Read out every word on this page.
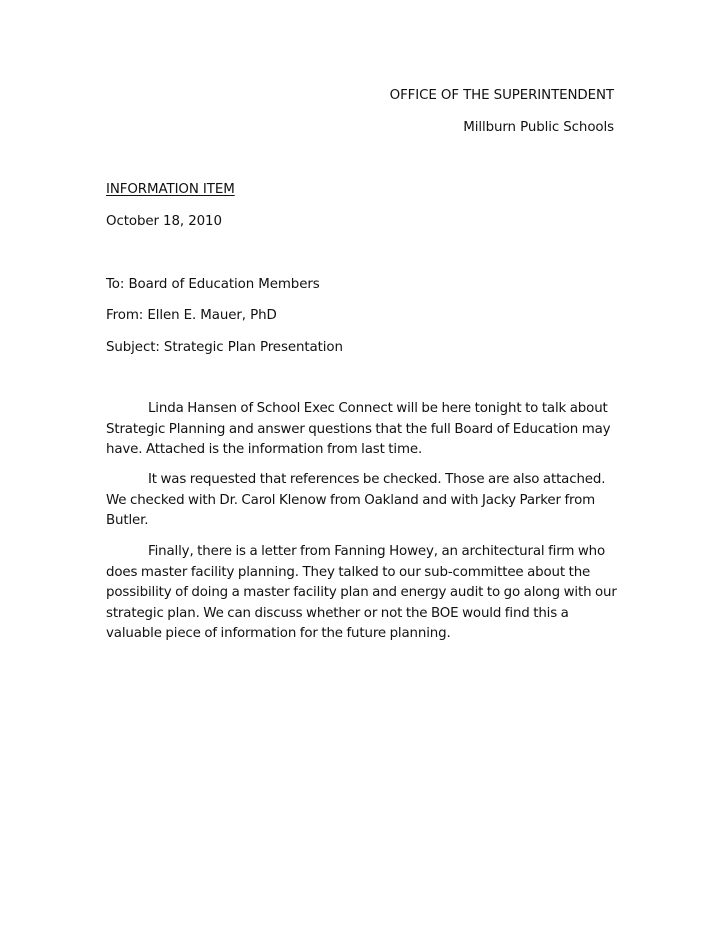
OFFICE OF THE SUPERINTENDENT
Millburn Public Schools
INFORMATION ITEM
October 18, 2010
To: Board of Education Members
From: Ellen E. Mauer, PhD
Subject: Strategic Plan Presentation
Linda Hansen of School Exec Connect will be here tonight to talk about Strategic Planning and answer questions that the full Board of Education may have. Attached is the information from last time.
It was requested that references be checked. Those are also attached. We checked with Dr. Carol Klenow from Oakland and with Jacky Parker from Butler.
Finally, there is a letter from Fanning Howey, an architectural firm who does master facility planning. They talked to our sub-committee about the possibility of doing a master facility plan and energy audit to go along with our strategic plan. We can discuss whether or not the BOE would find this a valuable piece of information for the future planning.
